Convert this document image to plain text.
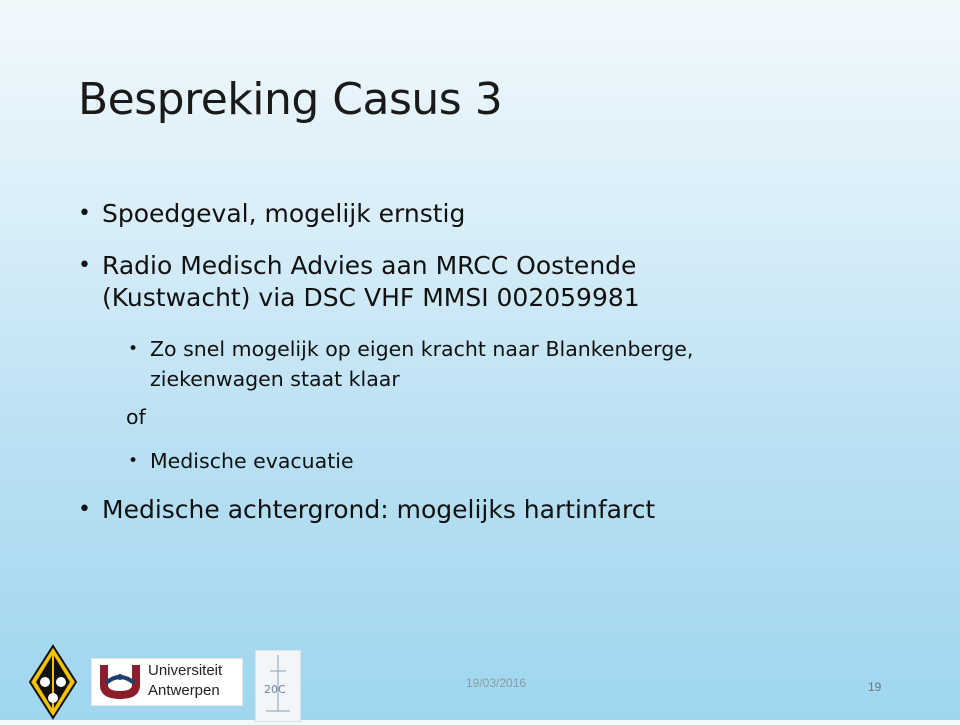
Bespreking Casus 3
• Spoedgeval, mogelijk ernstig
• Radio Medisch Advies aan MRCC Oostende
(Kustwacht) via DSC VHF MMSI 002059981
• Zo snel mogelijk op eigen kracht naar Blankenberge,
ziekenwagen staat klaar
of
• Medische evacuatie
• Medische achtergrond: mogelijks hartinfarct
Universiteit
Antwerpen	20C	19/03/2016	19
